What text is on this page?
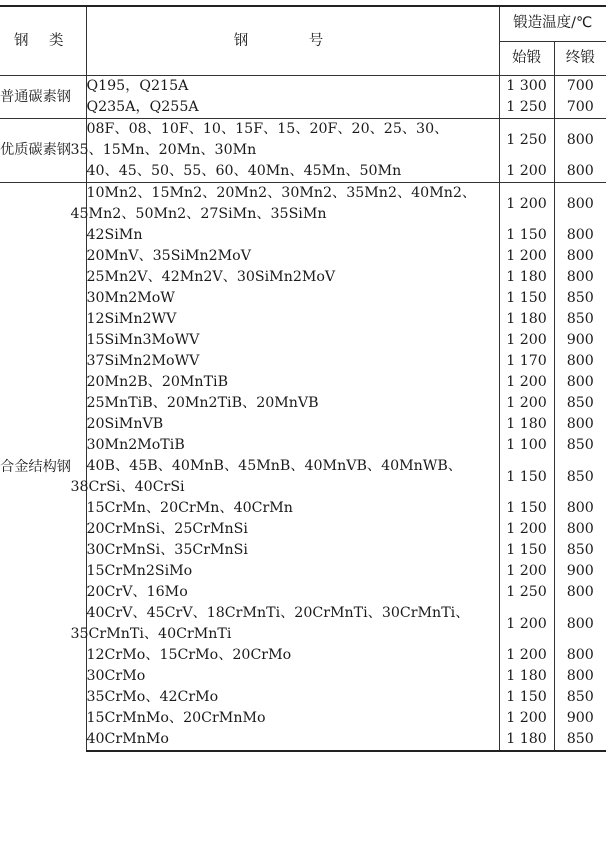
钢 类	钢 号	锻造温度/℃	
		始锻	终锻
普通碳素钢	Q195，Q215A	1 300	700

	Q235A，Q255A	1 250	700
优质碳素钢	08F、08、10F、10、15F、15、20F、20、25、30、
35、15Mn、20Mn、30Mn	1 250	800

	40、45、50、55、60、40Mn、45Mn、50Mn	1 200	800
合金结构钢	10Mn2、15Mn2、20Mn2、30Mn2、35Mn2、40Mn2、
45Mn2、50Mn2、27SiMn、35SiMn	1 200	800

	42SiMn	1 150	800

	20MnV、35SiMn2MoV	1 200	800

	25Mn2V、42Mn2V、30SiMn2MoV	1 180	800

	30Mn2MoW	1 150	850

	12SiMn2WV	1 180	850

	15SiMn3MoWV	1 200	900

	37SiMn2MoWV	1 170	800

	20Mn2B、20MnTiB	1 200	800

	25MnTiB、20Mn2TiB、20MnVB	1 200	850

	20SiMnVB	1 180	800

	30Mn2MoTiB	1 100	850

	40B、45B、40MnB、45MnB、40MnVB、40MnWB、
38CrSi、40CrSi	1 150	850

	15CrMn、20CrMn、40CrMn	1 150	800

	20CrMnSi、25CrMnSi	1 200	800

	30CrMnSi、35CrMnSi	1 150	850

	15CrMn2SiMo	1 200	900

	20CrV、16Mo	1 250	800

	40CrV、45CrV、18CrMnTi、20CrMnTi、30CrMnTi、
35CrMnTi、40CrMnTi	1 200	800

	12CrMo、15CrMo、20CrMo	1 200	800

	30CrMo	1 180	800

	35CrMo、42CrMo	1 150	850

	15CrMnMo、20CrMnMo	1 200	900

	40CrMnMo	1 180	850
